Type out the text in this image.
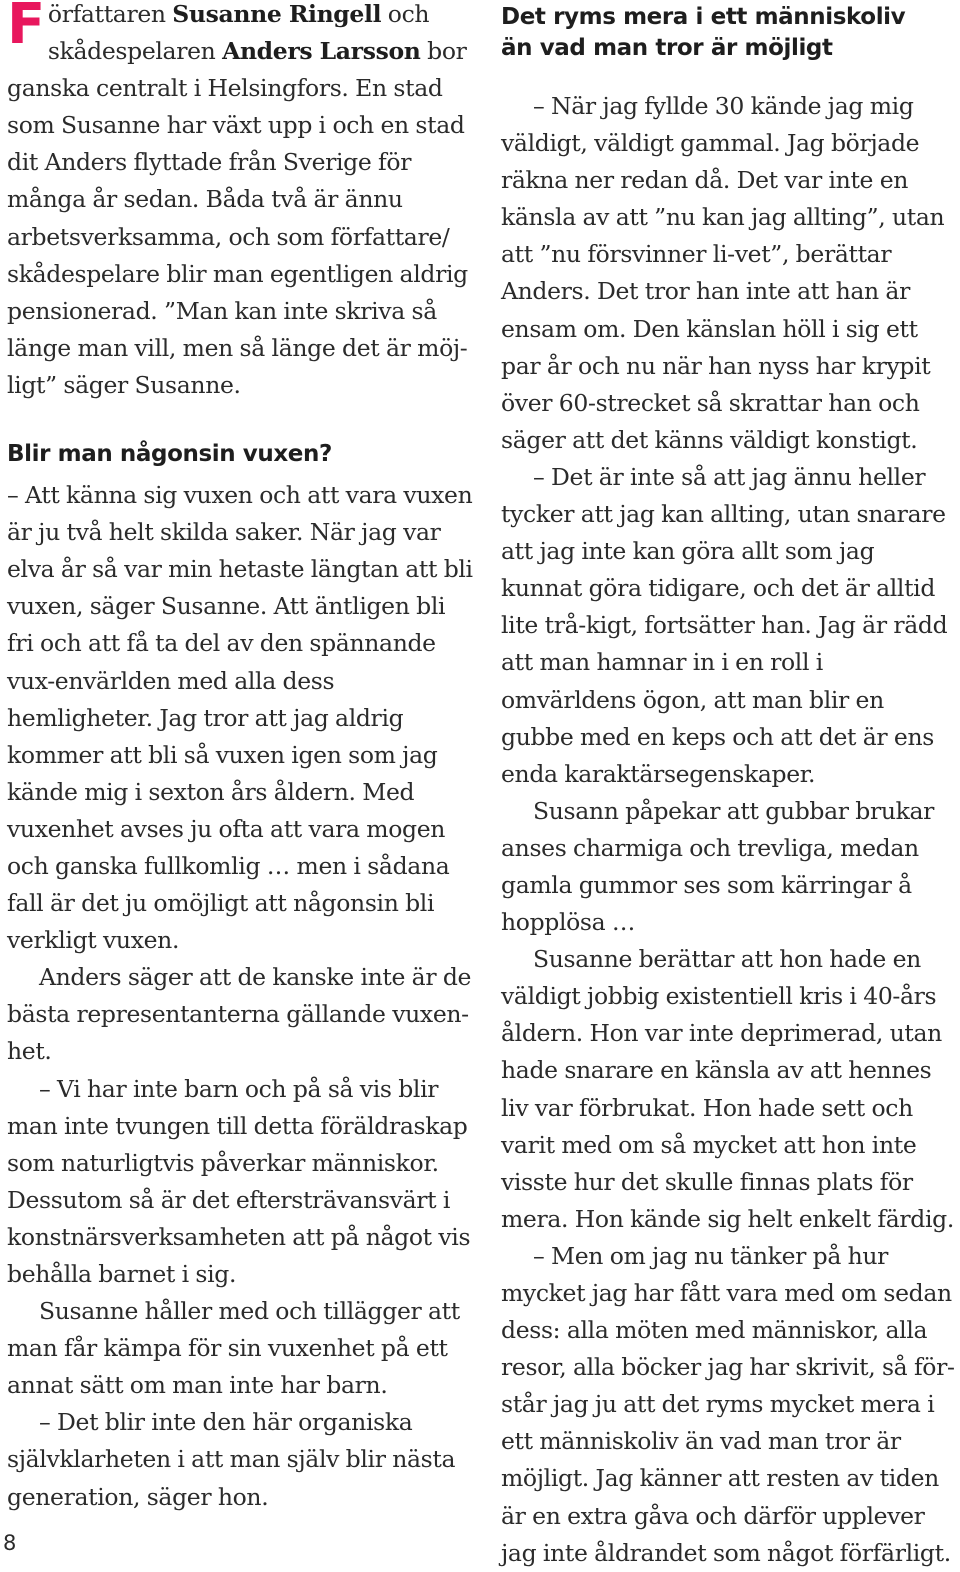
Författaren Susanne Ringell och skådespelaren Anders Larsson bor ganska centralt i Helsingfors. En stad som Susanne har växt upp i och en stad dit Anders flyttade från Sverige för många år sedan. Båda två är ännu arbetsverksamma, och som författare/ skådespelare blir man egentligen aldrig pensionerad. ”Man kan inte skriva så länge man vill, men så länge det är möj-ligt” säger Susanne.

Blir man någonsin vuxen?

– Att känna sig vuxen och att vara vuxen är ju två helt skilda saker. När jag var elva år så var min hetaste längtan att bli vuxen, säger Susanne. Att äntligen bli fri och att få ta del av den spännande vux-envärlden med alla dess hemligheter. Jag tror att jag aldrig kommer att bli så vuxen igen som jag kände mig i sexton års åldern. Med vuxenhet avses ju ofta att vara mogen och ganska fullkomlig … men i sådana fall är det ju omöjligt att någonsin bli verkligt vuxen.

Anders säger att de kanske inte är de bästa representanterna gällande vuxen-het.

– Vi har inte barn och på så vis blir man inte tvungen till detta föräldraskap som naturligtvis påverkar människor. Dessutom så är det eftersträvansvärt i konstnärsverksamheten att på något vis behålla barnet i sig.

Susanne håller med och tillägger att man får kämpa för sin vuxenhet på ett annat sätt om man inte har barn.

– Det blir inte den här organiska självklarheten i att man själv blir nästa generation, säger hon.

Det ryms mera i ett människoliv
än vad man tror är möjligt

– När jag fyllde 30 kände jag mig väldigt, väldigt gammal. Jag började räkna ner redan då. Det var inte en känsla av att ”nu kan jag allting”, utan att ”nu försvinner li-vet”, berättar Anders. Det tror han inte att han är ensam om. Den känslan höll i sig ett par år och nu när han nyss har krypit över 60-strecket så skrattar han och säger att det känns väldigt konstigt.

– Det är inte så att jag ännu heller tycker att jag kan allting, utan snarare att jag inte kan göra allt som jag kunnat göra tidigare, och det är alltid lite trå-kigt, fortsätter han. Jag är rädd att man hamnar in i en roll i omvärldens ögon, att man blir en gubbe med en keps och att det är ens enda karaktärsegenskaper.

Susann påpekar att gubbar brukar anses charmiga och trevliga, medan gamla gummor ses som kärringar å hopplösa …

Susanne berättar att hon hade en väldigt jobbig existentiell kris i 40-års åldern. Hon var inte deprimerad, utan hade snarare en känsla av att hennes liv var förbrukat. Hon hade sett och varit med om så mycket att hon inte visste hur det skulle finnas plats för mera. Hon kände sig helt enkelt färdig.

– Men om jag nu tänker på hur mycket jag har fått vara med om sedan dess: alla möten med människor, alla resor, alla böcker jag har skrivit, så för-står jag ju att det ryms mycket mera i ett människoliv än vad man tror är möjligt. Jag känner att resten av tiden är en extra gåva och därför upplever jag inte åldrandet som något förfärligt.

8
